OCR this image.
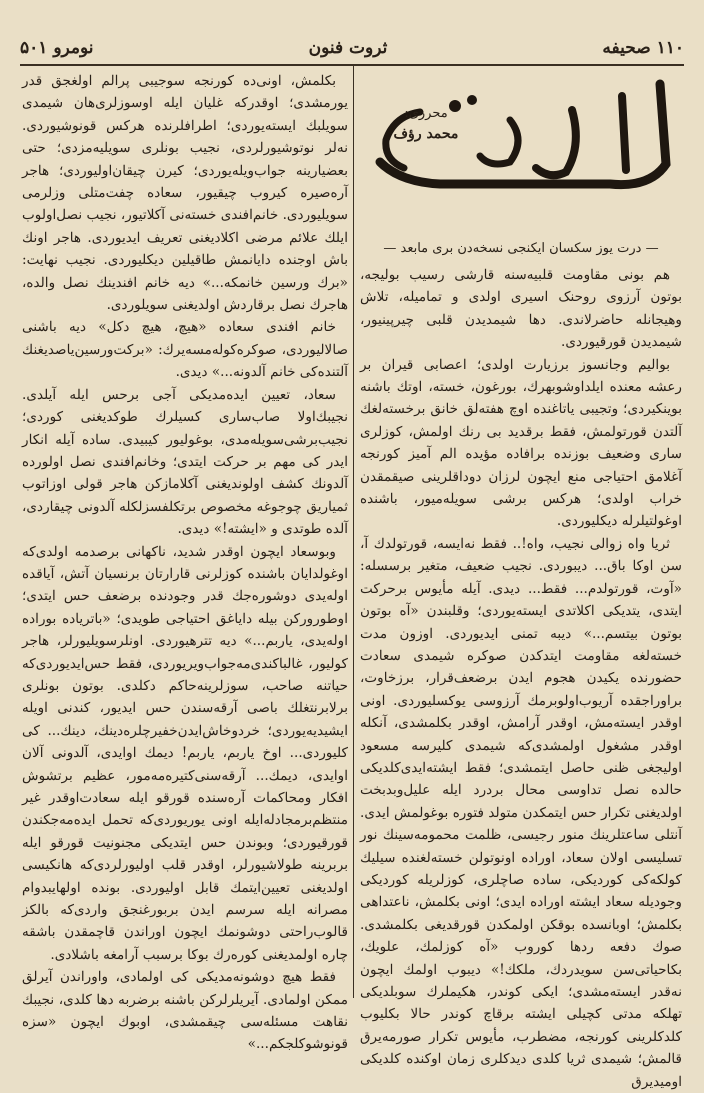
۱۱۰ صحیفه
ثروت فنون
نومرو ۵۰۱
محرری:
محمد رؤف
— درت یوز سکسان ایکنجی نسخه‌دن بری مابعد —

هم بونی مقاومت قلبیه‌سنه قارشی رسیب بولیجه، بوتون آرزوی روحنک اسیری اولدی و تمامیله، تلاش وهیجانله حاضرلاندی. دها شیمدیدن قلبی چیرپینیور، شیمدیدن قورقیوردی.

بوالیم وجانسوز برزیارت اولدی؛ اعصابی قیران بر رعشه معنده ایلداوشوبهرك، بورغون، خسته، اوتك باشنه بوینکیردی؛ وتجیبی یاتاغنده اوچ هفته‌لق خانق برخسته‌لغك آلتدن قورتولمش، فقط برقدید بی رنك اولمش، کوزلری ساری وضعیف بوزنده برافاده مؤیده الم آمیز کورنجه آغلامق احتیاجی منع ایچون لرزان دوداقلرینی صیقمقدن خراب اولدی؛ هرکس برشی سویله‌میور، باشنده اوغولتیلرله دیکلیوردی.

ثریا واه زوالی نجیب، واه!.. فقط نه‌ایسه، قورتولدك آ، سن اوکا باق... دیبوردی. نجیب ضعیف، متغیر برسسله: «آوت، قورتولدم... فقط... دیدی. آیله مأیوس برحرکت ایتدی، یتدیکی اکلاتدی ایسته‌یوردی؛ وقلبندن «آه بوتون بوتون بیتسم...» دیبه تمنی ایدیوردی. اوزون مدت خسته‌لغه مقاومت ایتدکدن صوکره شیمدی سعادت حضورنده یکیدن هجوم ایدن برضعف‌قرار، برزخاوت، براوراجقده آریوب‌اولوبرمك آرزوسی یوکسلیوردی. اونی اوقدر ایسته‌مش، اوقدر آرامش، اوقدر بکلمشدی، آنکله اوقدر مشغول اولمشدی‌که شیمدی کلیرسه مسعود اولیجغی ظنی حاصل ایتمشدی؛ فقط ایشته‌ایدی‌کلدیکی حالده نصل تداوسی محال بردرد ایله علیل‌وبدبخت اولدیغنی تکرار حس ایتمکدن متولد فتوره بوغولمش ایدی. آنتلی ساعتلرینك منور رجیسی، ظلمت محمومه‌سینك نور تسلیسی اولان سعاد، اوراده اونوتولن خسته‌لغنده سیلیك کولکه‌کی کوردیکی، ساده صاچلری، کوزلریله کوردیکی وجودیله سعاد ایشته اوراده ایدی؛ اونی بکلمش، ناعتداهی بکلمش؛ اوبانسده بوقکن اولمکدن قورقدیغی بکلمشدی. صوك دفعه ردها کوروب «آه کوزلمك، علویك، بکاحیاتی‌سن سویدردك، ملکك!» دیبوب اولمك ایچون نه‌قدر ایسته‌مشدی؛ ایکی کوندر، هکیملرك سوبلدیکی تهلکه مدتی کچیلی ایشته برقاچ کوندر حالا بکلیوب کلدکلرینی کورنجه، مضطرب، مأیوس تکرار صورمه‌یرق قالمش؛ شیمدی ثریا کلدی دیدکلری زمان اوکنده کلدیکی اومیدیرق

بکلمش، اونی‌ده کورنجه سوجیبی پرالم اولغجق قدر یورمشدی؛ اوقدرکه غلیان ایله اوسوزلری‌هان شیمدی سویلبك ایسته‌یوردی؛ اطرافلرنده هرکس قونوشیوردی. نه‌لر نوتوشیورلردی، نجیب بونلری سویلیه‌مزدی؛ حتی بعضیارینه جواب‌ویله‌یوردی؛ کیرن چیقان‌اولیوردی؛ هاجر آره‌صیره کیروب چیقیور، سعاده چفت‌متلی وزلرمی سویلیوردی. خانم‌افندی خسته‌نی آکلاتیور، نجیب نصل‌اولوب ایلك علائم مرضی اکلادیغنی تعریف ایدیوردی. هاجر اونك باش اوجنده دایانمش طاقیلین دیکلیوردی. نجیب نهایت: «برك ورسین خانمکه...» دیه خانم افندینك نصل والده، هاجرك نصل برقاردش اولدیغنی سویلوردی.

خانم افندی سعاده «هیچ، هیچ دکل» دیه باشنی صالالیوردی، صوکره‌کوله‌مسه‌یرك: «برکت‌ورسین‌یاصدیغنك آلتنده‌کی خانم آلدونه...» دیدی.

سعاد، تعیین ایده‌مدیکی آجی برحس ایله آیلدی. نجیبك‌اولا صاب‌ساری کسیلرك طوکدیغنی کوردی؛ نجیب‌برشی‌سویله‌مدی، بوغولیور کیبیدی. ساده آیله انکار ایدر کی مهم بر حرکت ایتدی؛ وخانم‌افندی نصل اولورده آلدونك کشف اولوندیغنی آکلامازکن هاجر قولی اوزاتوب ثمیاریق چوجوغه مخصوص برتکلفسزلکله آلدونی چیقاردی، آلده طوتدی و «ایشته!» دیدی.

وبوسعاد ایچون اوقدر شدید، ناکهانی برصدمه اولدی‌که اوغولدایان باشنده کوزلرنی قارارتان برنسیان آتش، آیاقده اوله‌یدی دوشوره‌جك قدر وجودنده برضعف حس ایتدی؛ اوطورورکن بیله دایاغق احتیاجی طویدی؛ «باتریاده بوراده اوله‌یدی، یاربم...» دیه تترهیوردی. اونلرسویلیورلر، هاجر کولیور، غالباکندی‌مه‌جواب‌ویریوردی، فقط حس‌ایدیوردی‌که حیاتنه صاحب، سوزلرینه‌حاکم دکلدی. بوتون بونلری برلابرنتغلك باصی آرقه‌سندن حس ایدیور، کندنی اویله ایشیدیه‌یوردی؛ خردوخاش‌ایدن‌خفیر‌چلر‌ه‌دینك، دینك... کی کلیوردی... اوخ یاربم، یاربم! دیمك اوایدی، آلدونی آلان اوایدی، دیمك... آرقه‌سنی‌کتیره‌مه‌مور، عظیم برتشوش افکار ومحاکمات آره‌سنده قورقو ایله سعادت‌اوقدر غیر منتظم‌برمجادله‌ایله اونی یوریوردی‌که تحمل ایده‌مه‌جکندن قورقیوردی؛ وبوندن حس ایتدیکی مجنونیت قورقو ایله بربرینه طولاشیورلر، اوقدر قلب اولیورلردی‌که هانکیسی اولدیغنی تعیین‌ایتمك قابل اولیوردی. بونده اولهایبدوام مصرانه ایله سرسم ایدن بربورغنجق واردی‌که بالکز قالوب‌راحتی دوشونمك ایچون اوراندن قاچمقدن باشقه چاره اولمدیغنی کوره‌رك بوکا برسبب آرامغه باشلادی.

فقط هیچ دوشونه‌مدیکی کی اولمادی، واوراندن آیرلق ممکن اولمادی. آیریلرلرکن باشنه برضربه دها کلدی، نجیبك نقاهت مسئله‌سی چیقمشدی، اوبوك ایچون «سزه قونوشوکلجکم...»
